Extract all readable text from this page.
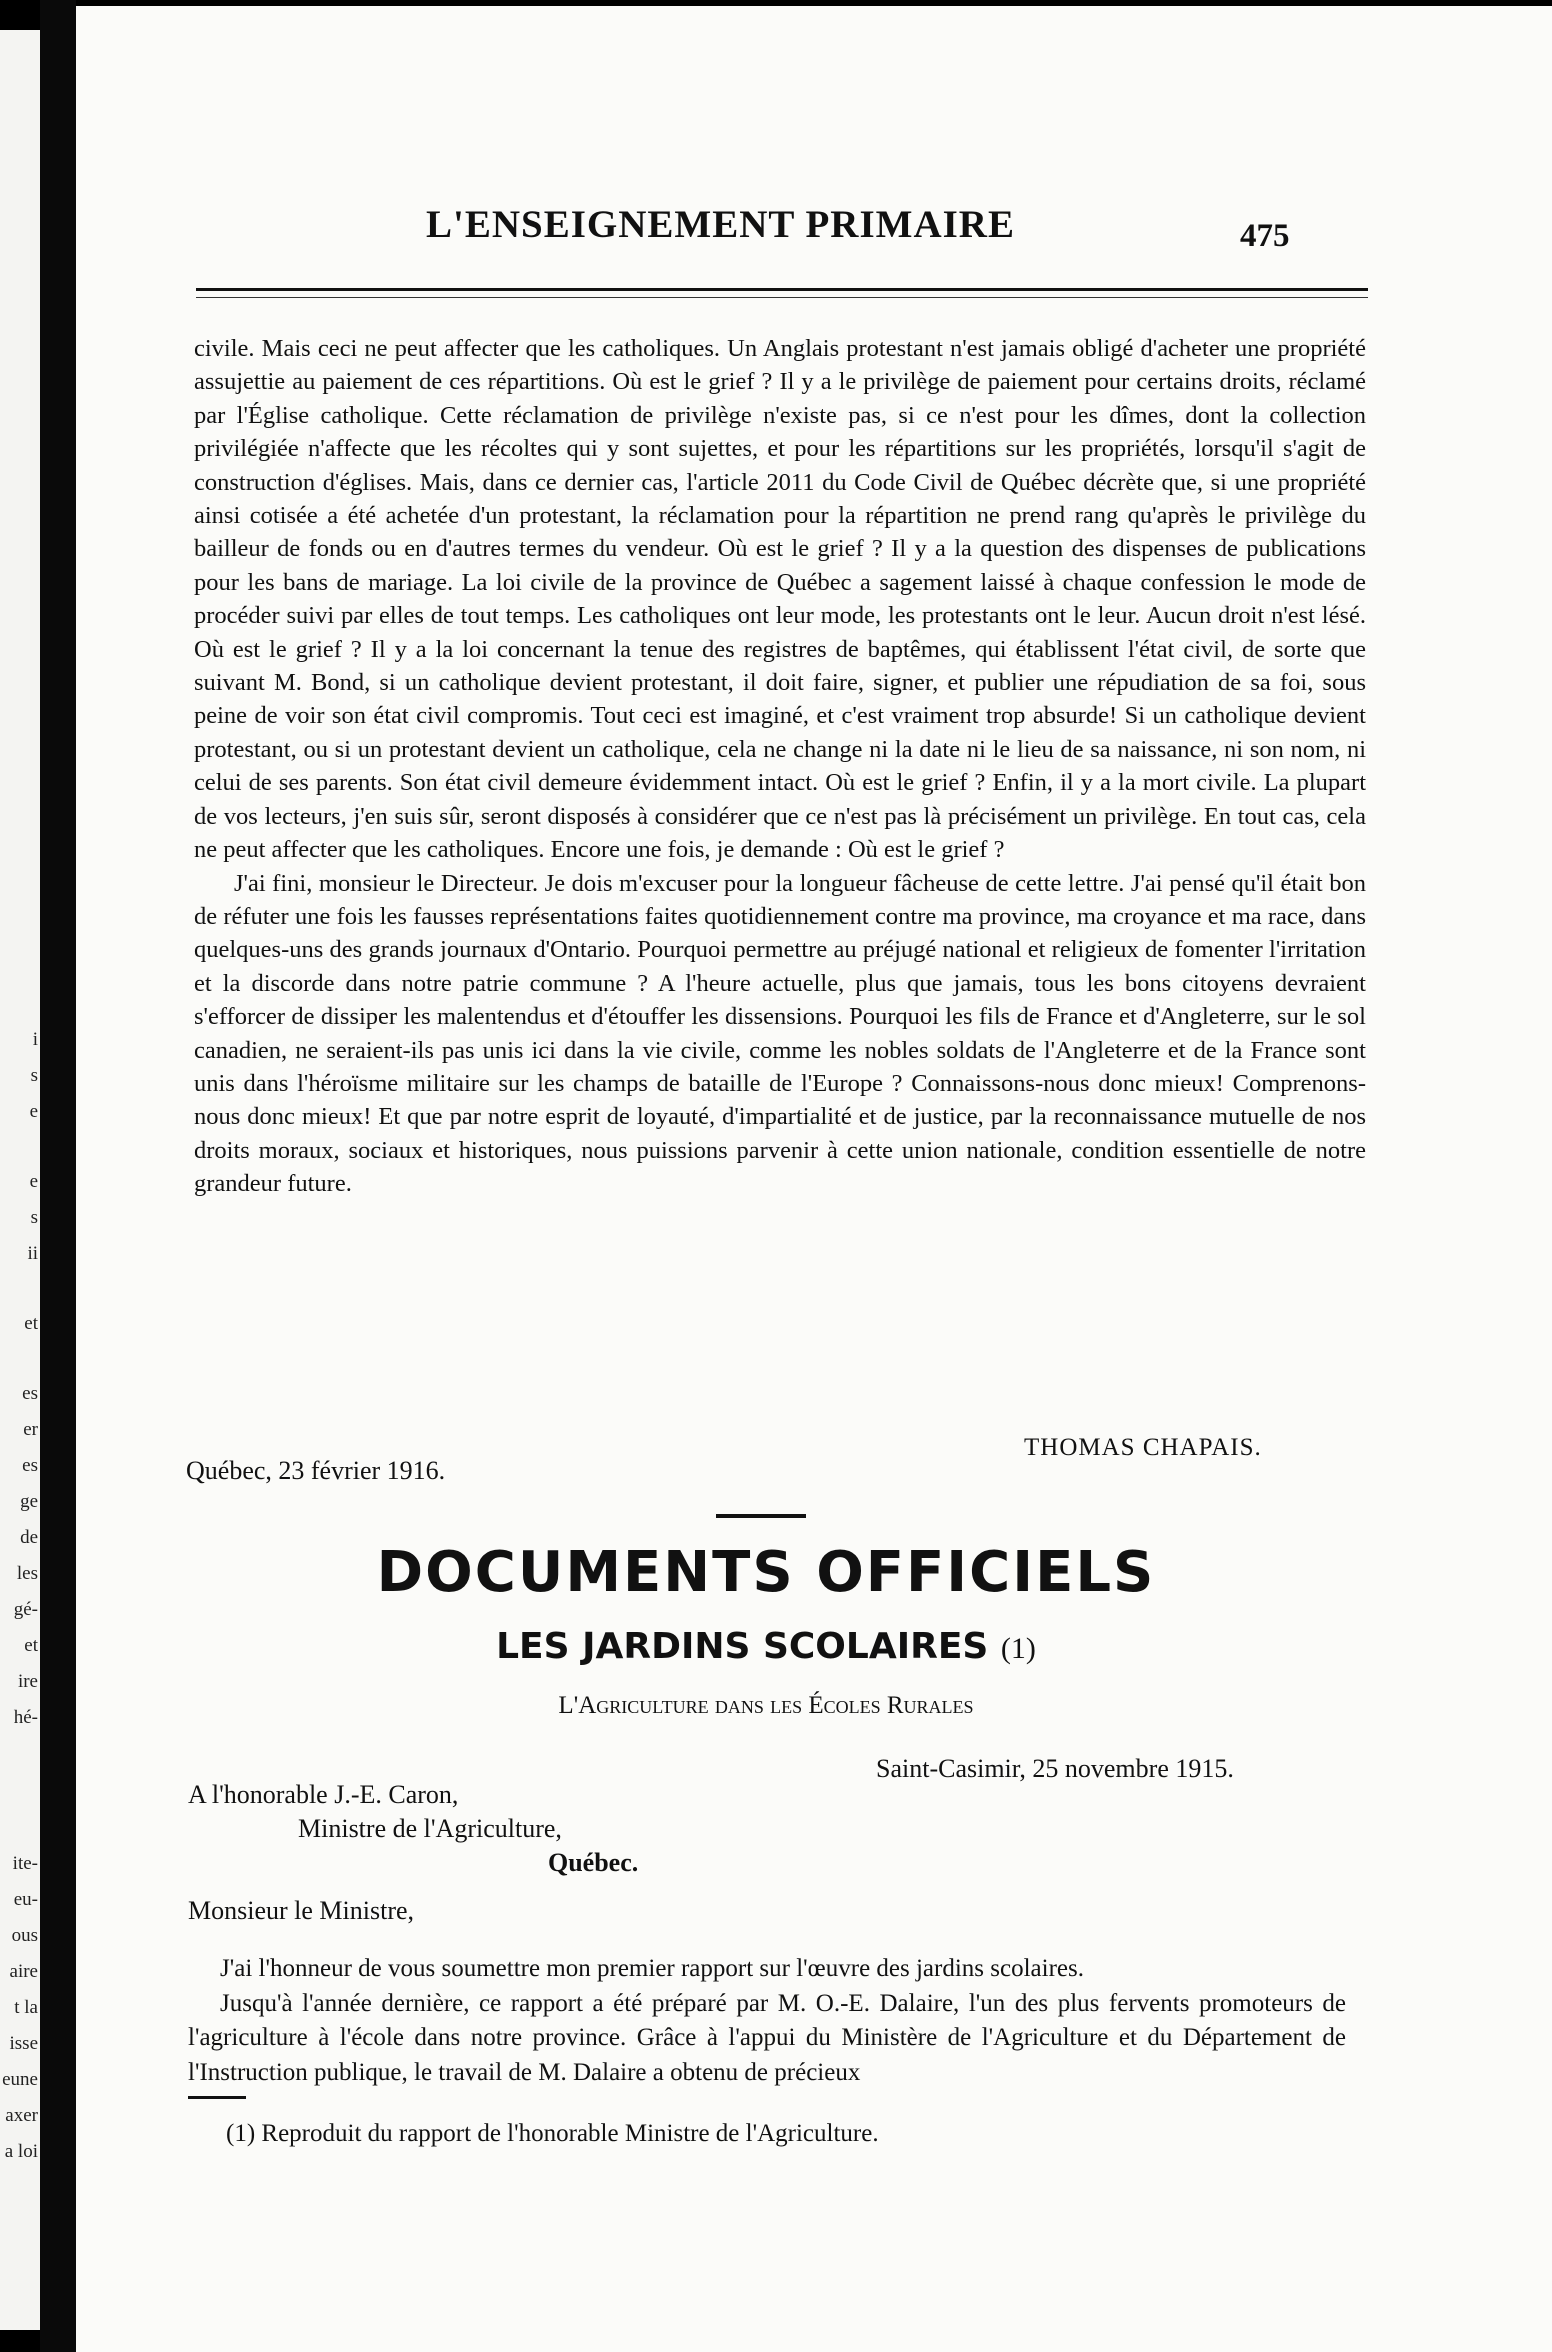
i
s
e
e
s
ii
et
es
er
es
ge
de
les
gé-
et
ire
hé-
ite-
eu-
ous
aire
t la
isse
eune
axer
a loi
L'ENSEIGNEMENT PRIMAIRE	475

civile. Mais ceci ne peut affecter que les catholiques. Un Anglais protestant n'est jamais obligé d'acheter une propriété assujettie au paiement de ces répartitions. Où est le grief ? Il y a le privilège de paiement pour certains droits, réclamé par l'Église catholique. Cette réclamation de privilège n'existe pas, si ce n'est pour les dîmes, dont la collection privilégiée n'affecte que les récoltes qui y sont sujettes, et pour les répartitions sur les propriétés, lorsqu'il s'agit de construction d'églises. Mais, dans ce dernier cas, l'article 2011 du Code Civil de Québec décrète que, si une propriété ainsi cotisée a été achetée d'un protestant, la réclamation pour la répartition ne prend rang qu'après le privilège du bailleur de fonds ou en d'autres termes du vendeur. Où est le grief ? Il y a la question des dispenses de publications pour les bans de mariage. La loi civile de la province de Québec a sagement laissé à chaque confession le mode de procéder suivi par elles de tout temps. Les catholiques ont leur mode, les protestants ont le leur. Aucun droit n'est lésé. Où est le grief ? Il y a la loi concernant la tenue des registres de baptêmes, qui établissent l'état civil, de sorte que suivant M. Bond, si un catholique devient protestant, il doit faire, signer, et publier une répudiation de sa foi, sous peine de voir son état civil compromis. Tout ceci est imaginé, et c'est vraiment trop absurde! Si un catholique devient protestant, ou si un protestant devient un catholique, cela ne change ni la date ni le lieu de sa naissance, ni son nom, ni celui de ses parents. Son état civil demeure évidemment intact. Où est le grief ? Enfin, il y a la mort civile. La plupart de vos lecteurs, j'en suis sûr, seront disposés à considérer que ce n'est pas là précisément un privilège. En tout cas, cela ne peut affecter que les catholiques. Encore une fois, je demande : Où est le grief ?

J'ai fini, monsieur le Directeur. Je dois m'excuser pour la longueur fâcheuse de cette lettre. J'ai pensé qu'il était bon de réfuter une fois les fausses représentations faites quotidiennement contre ma province, ma croyance et ma race, dans quelques-uns des grands journaux d'Ontario. Pourquoi permettre au préjugé national et religieux de fomenter l'irritation et la discorde dans notre patrie commune ? A l'heure actuelle, plus que jamais, tous les bons citoyens devraient s'efforcer de dissiper les malentendus et d'étouffer les dissensions. Pourquoi les fils de France et d'Angleterre, sur le sol canadien, ne seraient-ils pas unis ici dans la vie civile, comme les nobles soldats de l'Angleterre et de la France sont unis dans l'héroïsme militaire sur les champs de bataille de l'Europe ? Connaissons-nous donc mieux! Comprenons-nous donc mieux! Et que par notre esprit de loyauté, d'impartialité et de justice, par la reconnaissance mutuelle de nos droits moraux, sociaux et historiques, nous puissions parvenir à cette union nationale, condition essentielle de notre grandeur future.

THOMAS CHAPAIS.
Québec, 23 février 1916.
DOCUMENTS OFFICIELS
LES JARDINS SCOLAIRES (1)
L'Agriculture dans les Écoles Rurales
Saint-Casimir, 25 novembre 1915.
A l'honorable J.-E. Caron,
Ministre de l'Agriculture,
Québec.
Monsieur le Ministre,

J'ai l'honneur de vous soumettre mon premier rapport sur l'œuvre des jardins scolaires.

Jusqu'à l'année dernière, ce rapport a été préparé par M. O.-E. Dalaire, l'un des plus fervents promoteurs de l'agriculture à l'école dans notre province. Grâce à l'appui du Ministère de l'Agriculture et du Département de l'Instruction publique, le travail de M. Dalaire a obtenu de précieux

(1) Reproduit du rapport de l'honorable Ministre de l'Agriculture.
